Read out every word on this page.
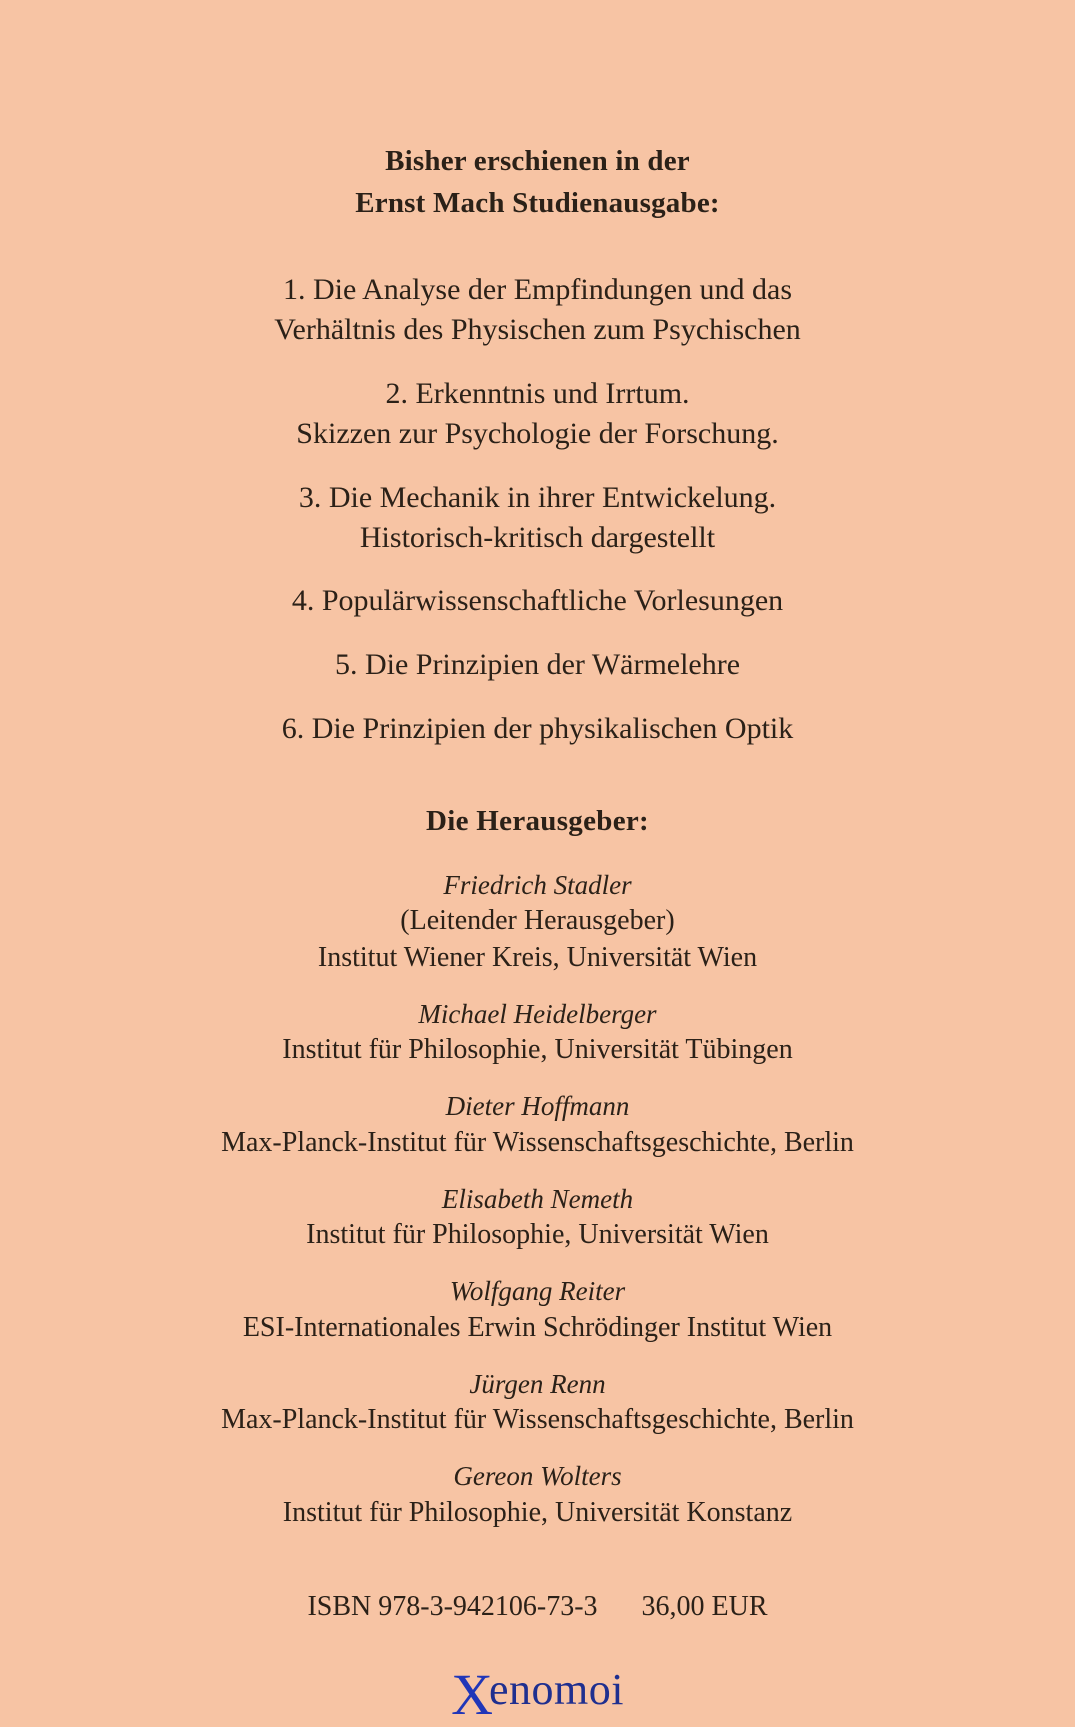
Bisher erschienen in der
Ernst Mach Studienausgabe:
1. Die Analyse der Empfindungen und das
Verhältnis des Physischen zum Psychischen
2. Erkenntnis und Irrtum.
Skizzen zur Psychologie der Forschung.
3. Die Mechanik in ihrer Entwickelung.
Historisch-kritisch dargestellt
4. Populärwissenschaftliche Vorlesungen
5. Die Prinzipien der Wärmelehre
6. Die Prinzipien der physikalischen Optik
Die Herausgeber:
Friedrich Stadler
(Leitender Herausgeber)
Institut Wiener Kreis, Universität Wien
Michael Heidelberger
Institut für Philosophie, Universität Tübingen
Dieter Hoffmann
Max-Planck-Institut für Wissenschaftsgeschichte, Berlin
Elisabeth Nemeth
Institut für Philosophie, Universität Wien
Wolfgang Reiter
ESI-Internationales Erwin Schrödinger Institut Wien
Jürgen Renn
Max-Planck-Institut für Wissenschaftsgeschichte, Berlin
Gereon Wolters
Institut für Philosophie, Universität Konstanz
ISBN 978-3-942106-73-3 36,00 EUR
X
enomoi
